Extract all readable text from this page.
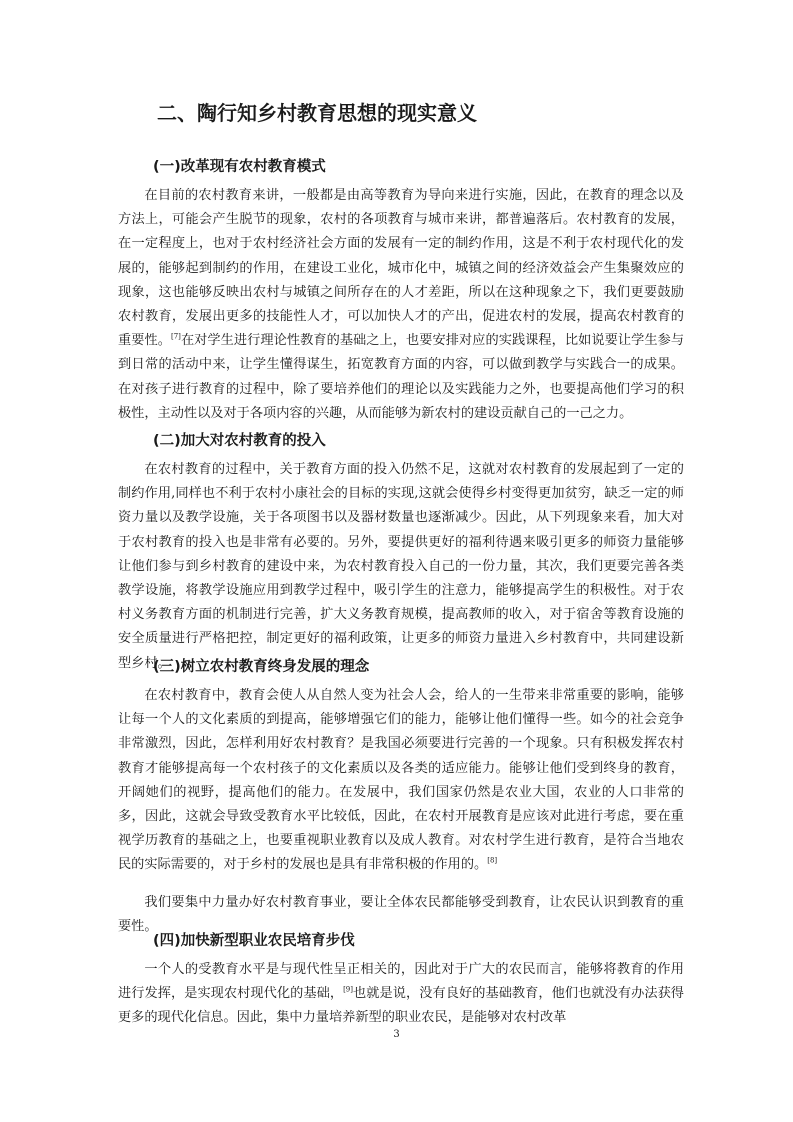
二、陶行知乡村教育思想的现实意义
(一)改革现有农村教育模式

在目前的农村教育来讲，一般都是由高等教育为导向来进行实施，因此，在教育的理念以及方法上，可能会产生脱节的现象，农村的各项教育与城市来讲，都普遍落后。农村教育的发展，在一定程度上，也对于农村经济社会方面的发展有一定的制约作用，这是不利于农村现代化的发展的，能够起到制约的作用，在建设工业化，城市化中，城镇之间的经济效益会产生集聚效应的现象，这也能够反映出农村与城镇之间所存在的人才差距，所以在这种现象之下，我们更要鼓励农村教育，发展出更多的技能性人才，可以加快人才的产出，促进农村的发展，提高农村教育的重要性。[7]在对学生进行理论性教育的基础之上，也要安排对应的实践课程，比如说要让学生参与到日常的活动中来，让学生懂得谋生，拓宽教育方面的内容，可以做到教学与实践合一的成果。在对孩子进行教育的过程中，除了要培养他们的理论以及实践能力之外，也要提高他们学习的积极性，主动性以及对于各项内容的兴趣，从而能够为新农村的建设贡献自己的一己之力。

(二)加大对农村教育的投入

在农村教育的过程中，关于教育方面的投入仍然不足，这就对农村教育的发展起到了一定的制约作用,同样也不利于农村小康社会的目标的实现,这就会使得乡村变得更加贫穷，缺乏一定的师资力量以及教学设施，关于各项图书以及器材数量也逐渐减少。因此，从下列现象来看，加大对于农村教育的投入也是非常有必要的。另外，要提供更好的福利待遇来吸引更多的师资力量能够让他们参与到乡村教育的建设中来，为农村教育投入自己的一份力量，其次，我们更要完善各类教学设施，将教学设施应用到教学过程中，吸引学生的注意力，能够提高学生的积极性。对于农村义务教育方面的机制进行完善，扩大义务教育规模，提高教师的收入，对于宿舍等教育设施的安全质量进行严格把控，制定更好的福利政策，让更多的师资力量进入乡村教育中，共同建设新型乡村。

(三)树立农村教育终身发展的理念

在农村教育中，教育会使人从自然人变为社会人会，给人的一生带来非常重要的影响，能够让每一个人的文化素质的到提高，能够增强它们的能力，能够让他们懂得一些。如今的社会竞争非常激烈，因此，怎样利用好农村教育？是我国必须要进行完善的一个现象。只有积极发挥农村教育才能够提高每一个农村孩子的文化素质以及各类的适应能力。能够让他们受到终身的教育，开阔她们的视野，提高他们的能力。在发展中，我们国家仍然是农业大国，农业的人口非常的多，因此，这就会导致受教育水平比较低，因此，在农村开展教育是应该对此进行考虑，要在重视学历教育的基础之上，也要重视职业教育以及成人教育。对农村学生进行教育，是符合当地农民的实际需要的，对于乡村的发展也是具有非常积极的作用的。[8]

我们要集中力量办好农村教育事业，要让全体农民都能够受到教育，让农民认识到教育的重要性。

(四)加快新型职业农民培育步伐

一个人的受教育水平是与现代性呈正相关的，因此对于广大的农民而言，能够将教育的作用进行发挥，是实现农村现代化的基础，[9]也就是说，没有良好的基础教育，他们也就没有办法获得更多的现代化信息。因此，集中力量培养新型的职业农民，是能够对农村改革

3
